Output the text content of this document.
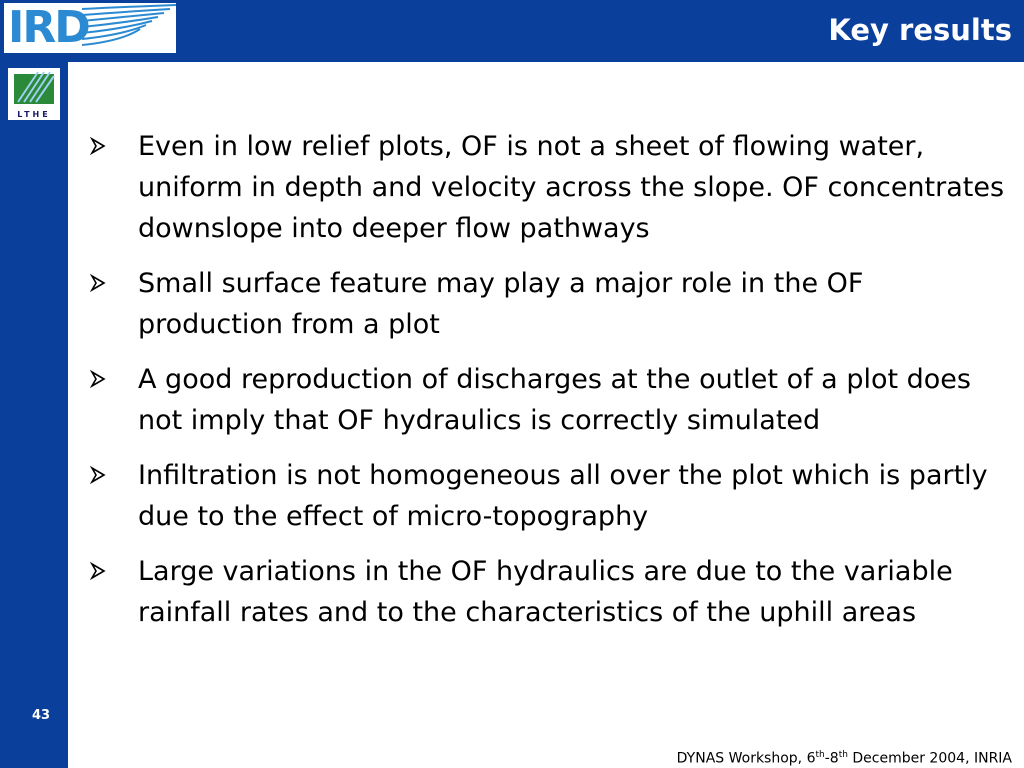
IRD
LTHE
Key results
Even in low relief plots, OF is not a sheet of flowing water, uniform in depth and velocity across the slope. OF concentrates downslope into deeper flow pathways
Small surface feature may play a major role in the OF production from a plot
A good reproduction of discharges at the outlet of a plot does not imply that OF hydraulics is correctly simulated
Infiltration is not homogeneous all over the plot which is partly due to the effect of micro-topography
Large variations in the OF hydraulics are due to the variable rainfall rates and to the characteristics of the uphill areas
43
DYNAS Workshop, 6th-8th December 2004, INRIA
